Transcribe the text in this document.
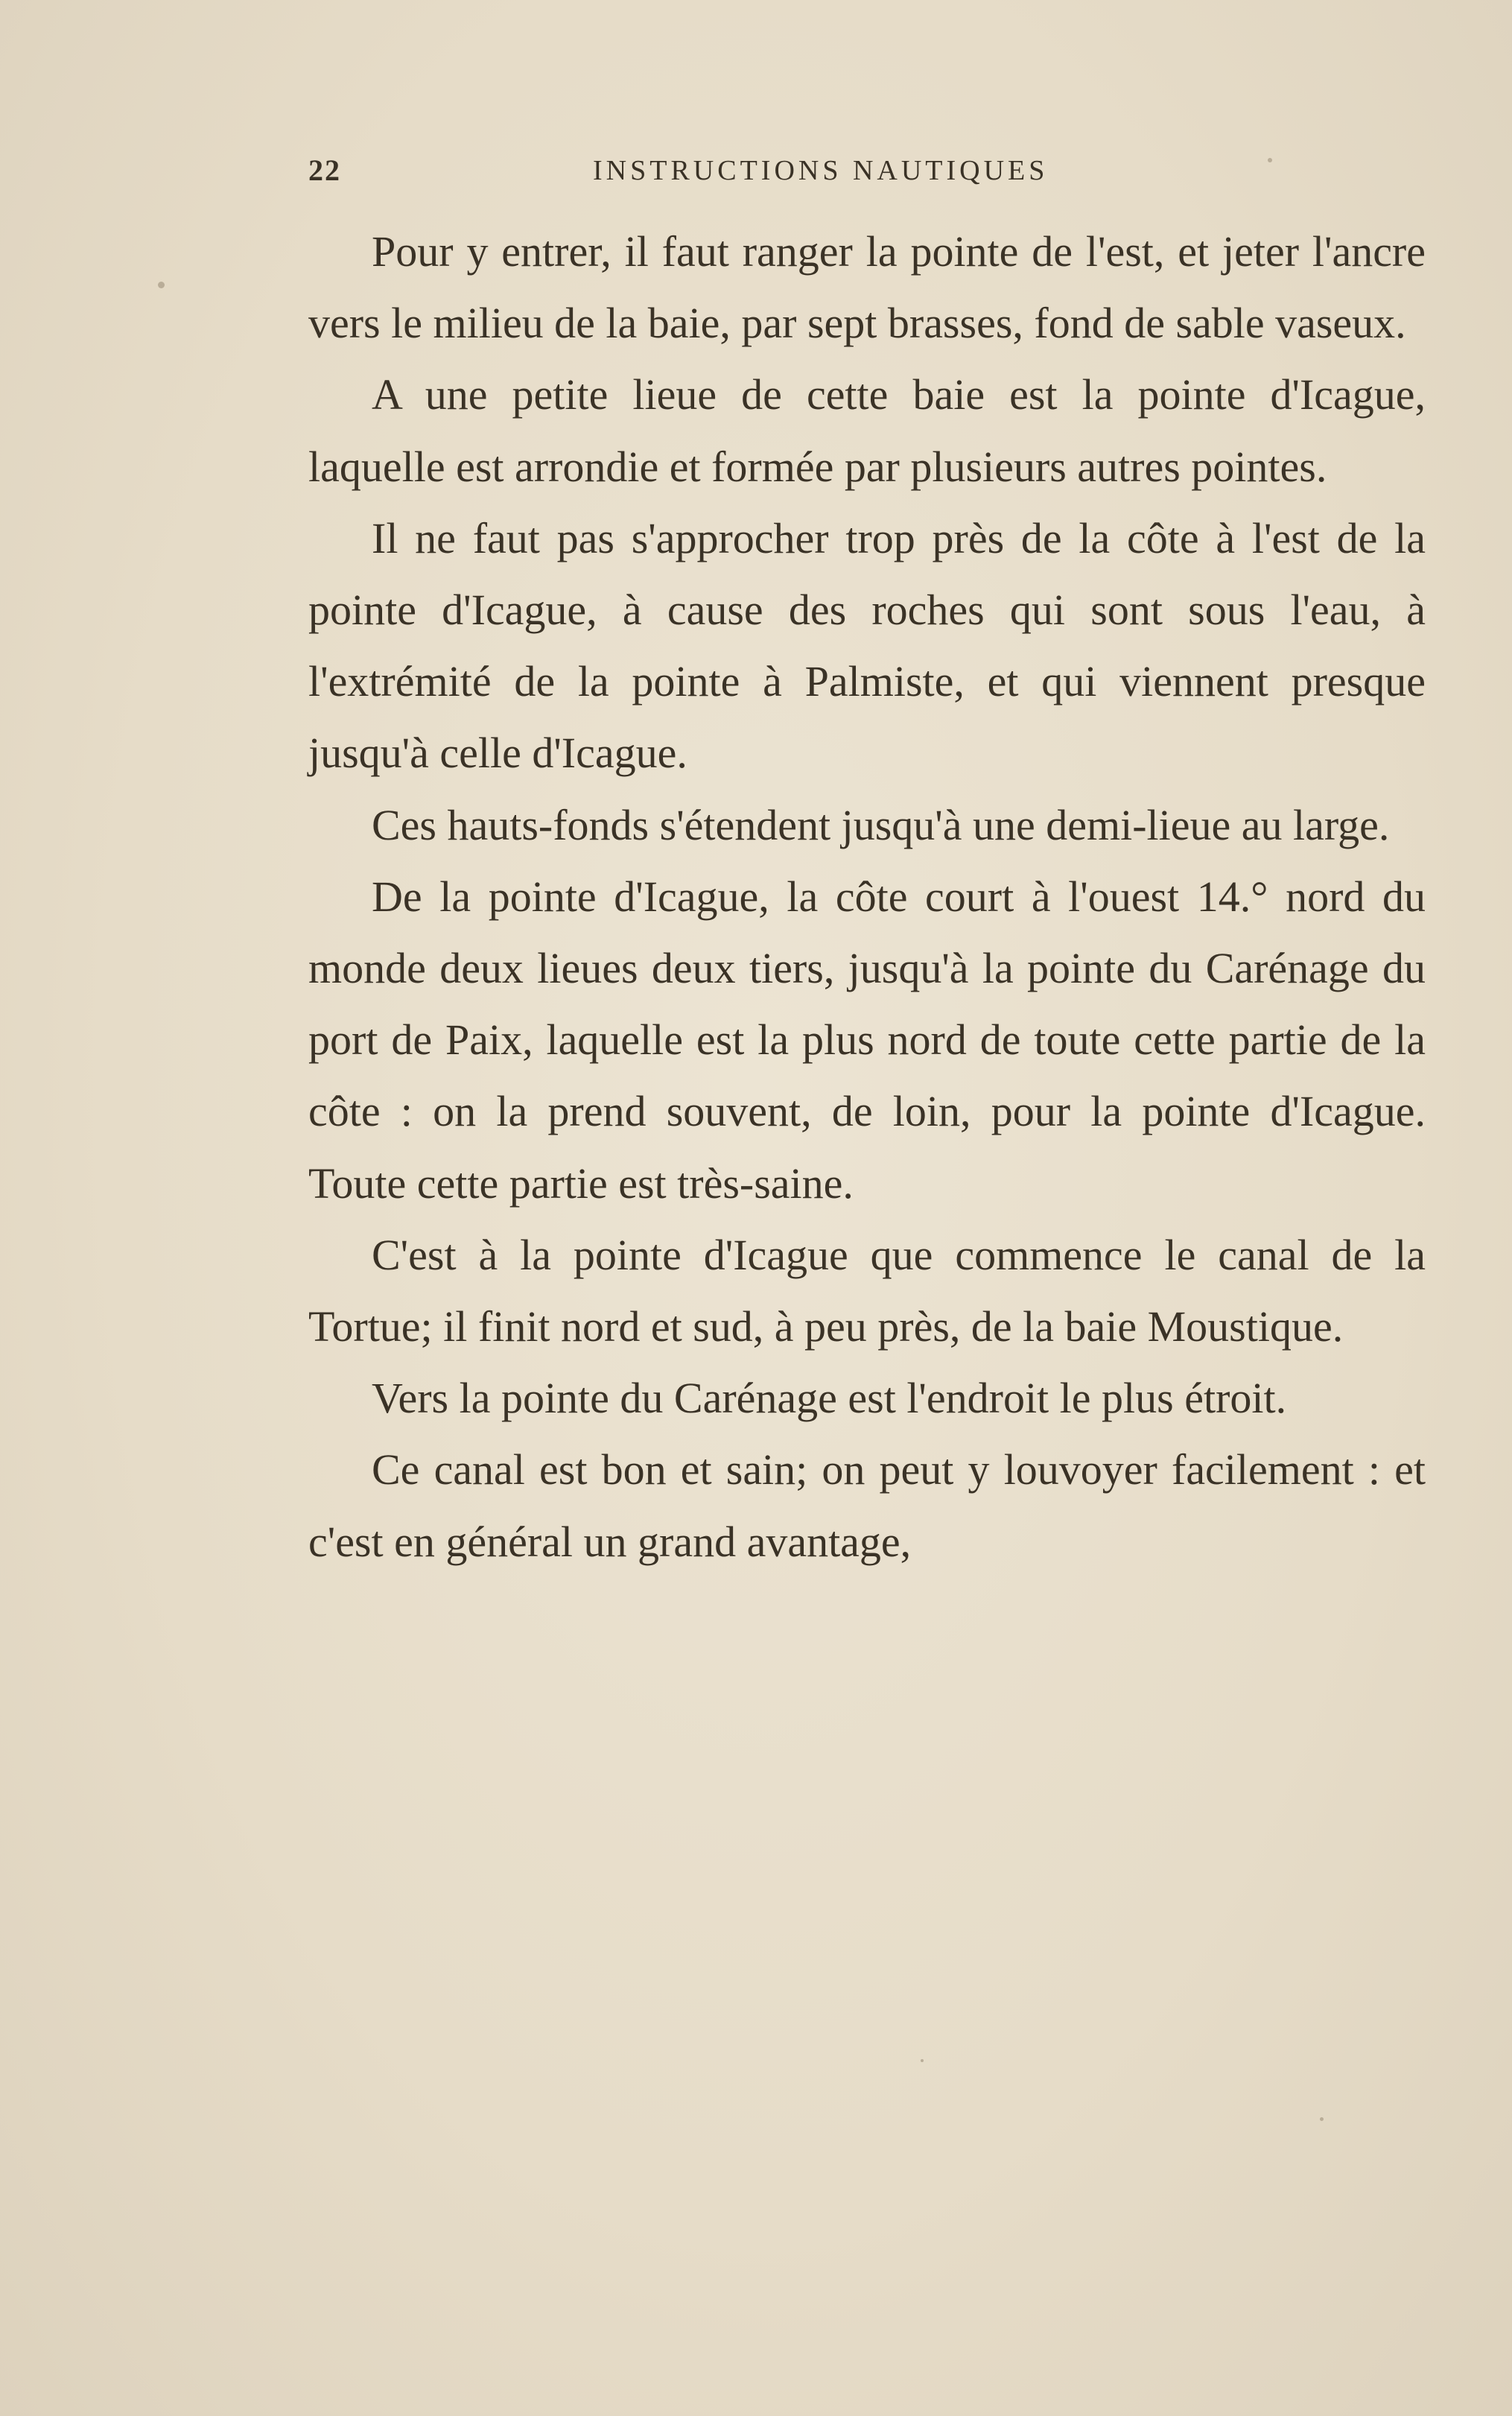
22	INSTRUCTIONS NAUTIQUES

Pour y entrer, il faut ranger la pointe de l'est, et jeter l'ancre vers le milieu de la baie, par sept brasses, fond de sable vaseux.

A une petite lieue de cette baie est la pointe d'Icague, laquelle est arrondie et formée par plusieurs autres pointes.

Il ne faut pas s'approcher trop près de la côte à l'est de la pointe d'Icague, à cause des roches qui sont sous l'eau, à l'extrémité de la pointe à Palmiste, et qui viennent presque jusqu'à celle d'Icague.

Ces hauts-fonds s'étendent jusqu'à une demi-lieue au large.

De la pointe d'Icague, la côte court à l'ouest 14.° nord du monde deux lieues deux tiers, jusqu'à la pointe du Carénage du port de Paix, laquelle est la plus nord de toute cette partie de la côte : on la prend souvent, de loin, pour la pointe d'Icague. Toute cette partie est très-saine.

C'est à la pointe d'Icague que commence le canal de la Tortue; il finit nord et sud, à peu près, de la baie Moustique.

Vers la pointe du Carénage est l'endroit le plus étroit.

Ce canal est bon et sain; on peut y louvoyer facilement : et c'est en général un grand avantage,
